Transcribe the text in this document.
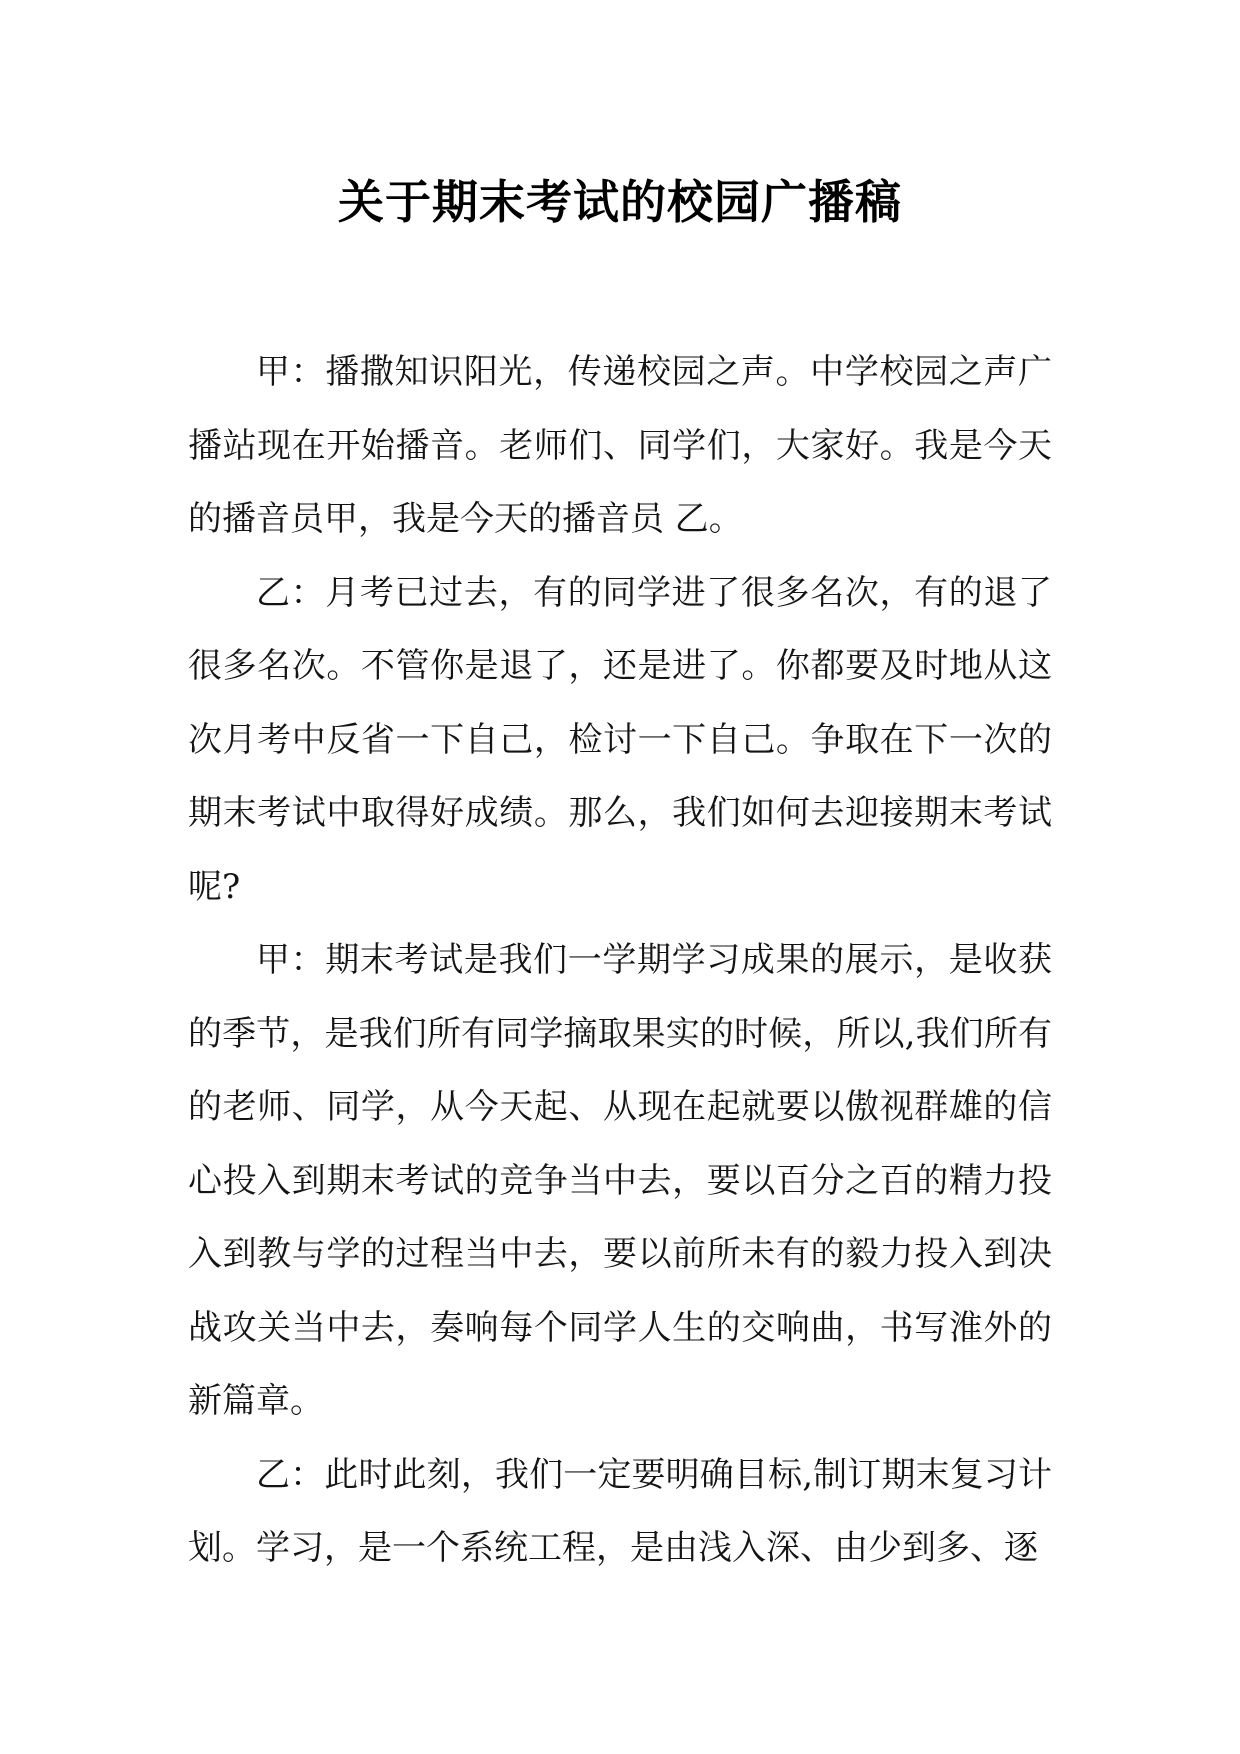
关于期末考试的校园广播稿

甲：播撒知识阳光，传递校园之声。中学校园之声广播站现在开始播音。老师们、同学们，大家好。我是今天的播音员甲，我是今天的播音员 乙。

乙：月考已过去，有的同学进了很多名次，有的退了很多名次。不管你是退了，还是进了。你都要及时地从这次月考中反省一下自己，检讨一下自己。争取在下一次的期末考试中取得好成绩。那么，我们如何去迎接期末考试呢?

甲：期末考试是我们一学期学习成果的展示，是收获的季节，是我们所有同学摘取果实的时候，所以,我们所有的老师、同学，从今天起、从现在起就要以傲视群雄的信心投入到期末考试的竞争当中去，要以百分之百的精力投入到教与学的过程当中去，要以前所未有的毅力投入到决战攻关当中去，奏响每个同学人生的交响曲，书写淮外的新篇章。

乙：此时此刻，我们一定要明确目标,制订期末复习计划。学习，是一个系统工程，是由浅入深、由少到多、逐
